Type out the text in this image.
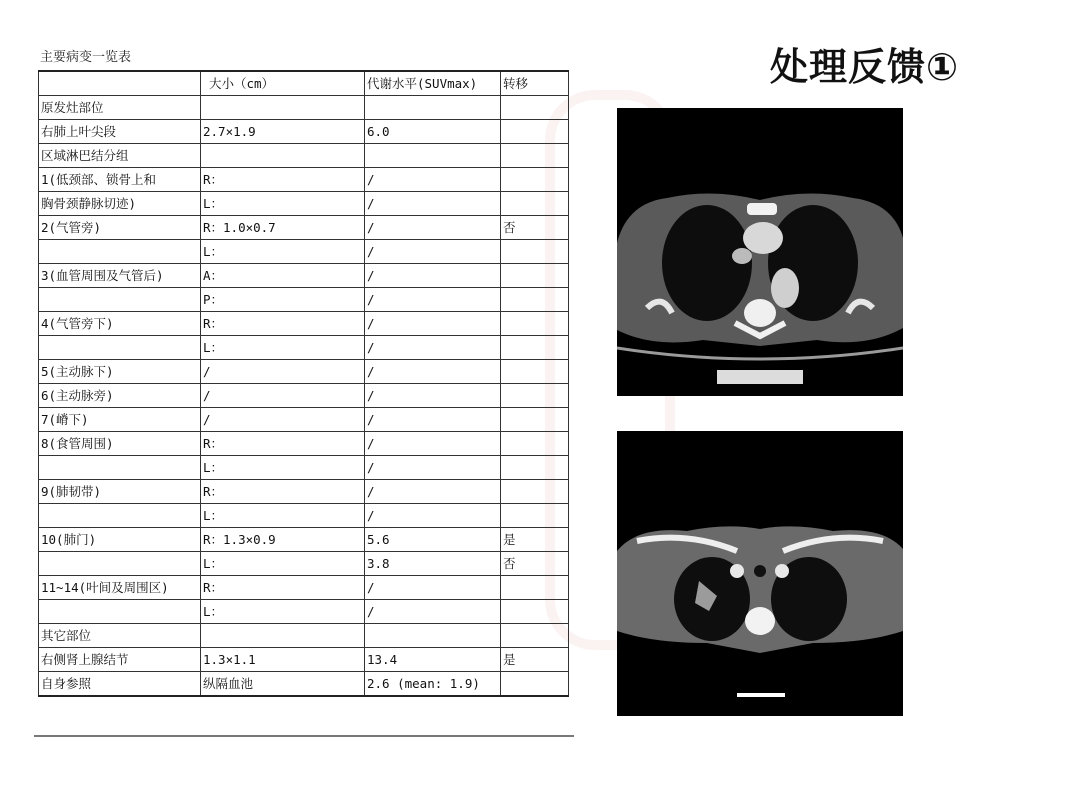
处理反馈①
主要病变一览表
	大小（cm）	代谢水平(SUVmax)	转移
原发灶部位			
右肺上叶尖段	2.7×1.9	6.0	
区域淋巴结分组			
1(低颈部、锁骨上和	R：	/	
胸骨颈静脉切迹)	L：	/	
2(气管旁)	R：1.0×0.7	/	否
	L：	/	
3(血管周围及气管后)	A：	/	
	P：	/	
4(气管旁下)	R：	/	
	L：	/	
5(主动脉下)	/	/	
6(主动脉旁)	/	/	
7(嵴下)	/	/	
8(食管周围)	R：	/	
	L：	/	
9(肺韧带)	R：	/	
	L：	/	
10(肺门)	R：1.3×0.9	5.6	是
	L：	3.8	否
11~14(叶间及周围区)	R：	/	
	L：	/	
其它部位			
右侧肾上腺结节	1.3×1.1	13.4	是
自身参照	纵隔血池	2.6 (mean: 1.9)	
